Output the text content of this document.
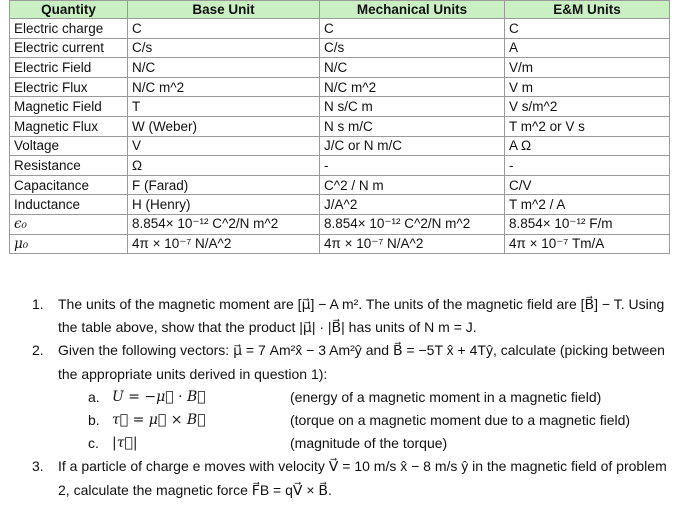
Quantity	Base Unit	Mechanical Units	E&M Units
Electric charge	C	C	C
Electric current	C/s	C/s	A
Electric Field	N/C	N/C	V/m
Electric Flux	N/C m^2	N/C m^2	V m
Magnetic Field	T	N s/C m	V s/m^2
Magnetic Flux	W (Weber)	N s m/C	T m^2 or V s
Voltage	V	J/C or N m/C	A Ω
Resistance	Ω	-	-
Capacitance	F (Farad)	C^2 / N m	C/V
Inductance	H (Henry)	J/A^2	T m^2 / A
ϵ₀	8.854× 10⁻¹² C^2/N m^2	8.854× 10⁻¹² C^2/N m^2	8.854× 10⁻¹² F/m
μ₀	4π × 10⁻⁷ N/A^2	4π × 10⁻⁷ N/A^2	4π × 10⁻⁷ Tm/A
1.	The units of the magnetic moment are [μ⃗] − A m². The units of the magnetic field are [B⃗] − T. Using the table above, show that the product |μ⃗| · |B⃗| has units of N m = J.
2.	Given the following vectors: μ⃗ = 7 Am²x̂ − 3 Am²ŷ and B⃗ = −5T x̂ + 4Tŷ, calculate (picking between the appropriate units derived in question 1):
a. U = −μ⃗ · B⃗	(energy of a magnetic moment in a magnetic field)
b. τ⃗ = μ⃗ × B⃗	(torque on a magnetic moment due to a magnetic field)
c. |τ⃗|	(magnitude of the torque)
3.	If a particle of charge e moves with velocity V⃗ = 10 m/s x̂ − 8 m/s ŷ in the magnetic field of problem 2, calculate the magnetic force F⃗B = qV⃗ × B⃗.
